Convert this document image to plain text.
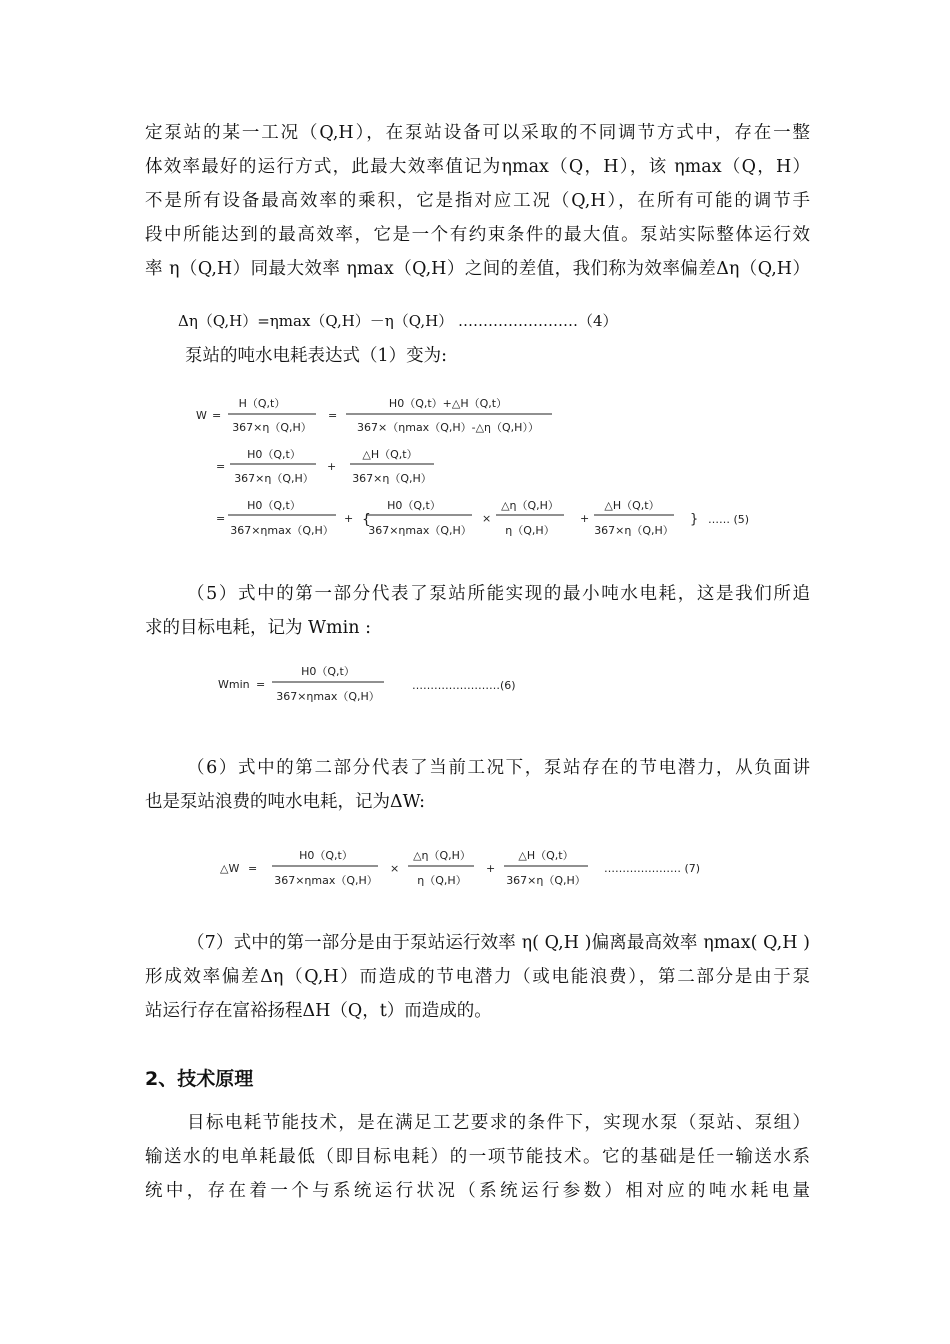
定泵站的某一工况（Q,H），在泵站设备可以采取的不同调节方式中，存在一整
体效率最好的运行方式，此最大效率值记为ηmax（Q，H），该 ηmax（Q，H）
不是所有设备最高效率的乘积，它是指对应工况（Q,H），在所有可能的调节手
段中所能达到的最高效率，它是一个有约束条件的最大值。泵站实际整体运行效
率 η（Q,H）同最大效率 ηmax（Q,H）之间的差值，我们称为效率偏差Δη（Q,H）
Δη（Q,H）=ηmax（Q,H）－η（Q,H） ……………………（4）
泵站的吨水电耗表达式（1）变为:
W =
H（Q,t）
367×η（Q,H）
=
H0（Q,t）+△H（Q,t）
367×（ηmax（Q,H）-△η（Q,H））
=
H0（Q,t）
367×η（Q,H）
+
△H（Q,t）
367×η（Q,H）
=
H0（Q,t）
367×ηmax（Q,H）
+ {
H0（Q,t）
367×ηmax（Q,H）
×
△η（Q,H）
η（Q,H）
+
△H（Q,t）
367×η（Q,H）
} …… (5)
（5）式中的第一部分代表了泵站所能实现的最小吨水电耗，这是我们所追
求的目标电耗，记为 Wmin :
Wmin =
H0（Q,t）
367×ηmax（Q,H）
……………………(6)
（6）式中的第二部分代表了当前工况下，泵站存在的节电潜力，从负面讲
也是泵站浪费的吨水电耗，记为ΔW:
△W =
H0（Q,t）
367×ηmax（Q,H）
×
△η（Q,H）
η（Q,H）
+
△H（Q,t）
367×η（Q,H）
………………… (7)
（7）式中的第一部分是由于泵站运行效率 η( Q,H )偏离最高效率 ηmax( Q,H )
形成效率偏差Δη（Q,H）而造成的节电潜力（或电能浪费），第二部分是由于泵
站运行存在富裕扬程ΔH（Q，t）而造成的。
2、技术原理
目标电耗节能技术，是在满足工艺要求的条件下，实现水泵（泵站、泵组）
输送水的电单耗最低（即目标电耗）的一项节能技术。它的基础是任一输送水系
统中，存在着一个与系统运行状况（系统运行参数）相对应的吨水耗电量
